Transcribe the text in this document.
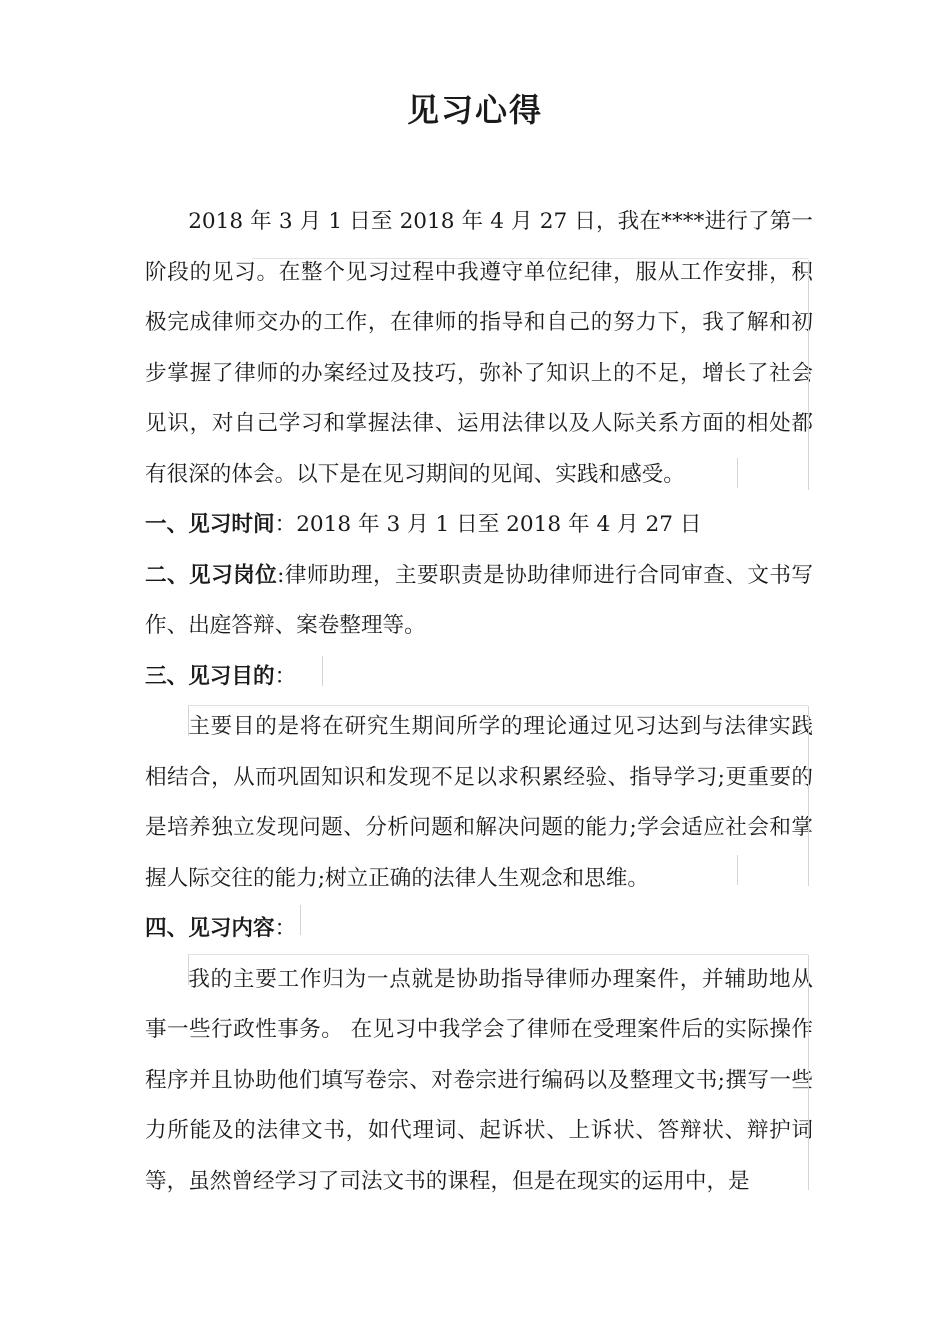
见习心得

2018 年 3 月 1 日至 2018 年 4 月 27 日，我在****进行了第一阶段的见习。在整个见习过程中我遵守单位纪律，服从工作安排，积极完成律师交办的工作，在律师的指导和自己的努力下，我了解和初步掌握了律师的办案经过及技巧，弥补了知识上的不足，增长了社会见识，对自己学习和掌握法律、运用法律以及人际关系方面的相处都有很深的体会。以下是在见习期间的见闻、实践和感受。

一、见习时间：2018 年 3 月 1 日至 2018 年 4 月 27 日

二、见习岗位:律师助理，主要职责是协助律师进行合同审查、文书写作、出庭答辩、案卷整理等。

三、见习目的：

主要目的是将在研究生期间所学的理论通过见习达到与法律实践相结合，从而巩固知识和发现不足以求积累经验、指导学习;更重要的是培养独立发现问题、分析问题和解决问题的能力;学会适应社会和掌握人际交往的能力;树立正确的法律人生观念和思维。

四、见习内容：

我的主要工作归为一点就是协助指导律师办理案件，并辅助地从事一些行政性事务。 在见习中我学会了律师在受理案件后的实际操作程序并且协助他们填写卷宗、对卷宗进行编码以及整理文书;撰写一些力所能及的法律文书，如代理词、起诉状、上诉状、答辩状、辩护词等，虽然曾经学习了司法文书的课程，但是在现实的运用中，是
